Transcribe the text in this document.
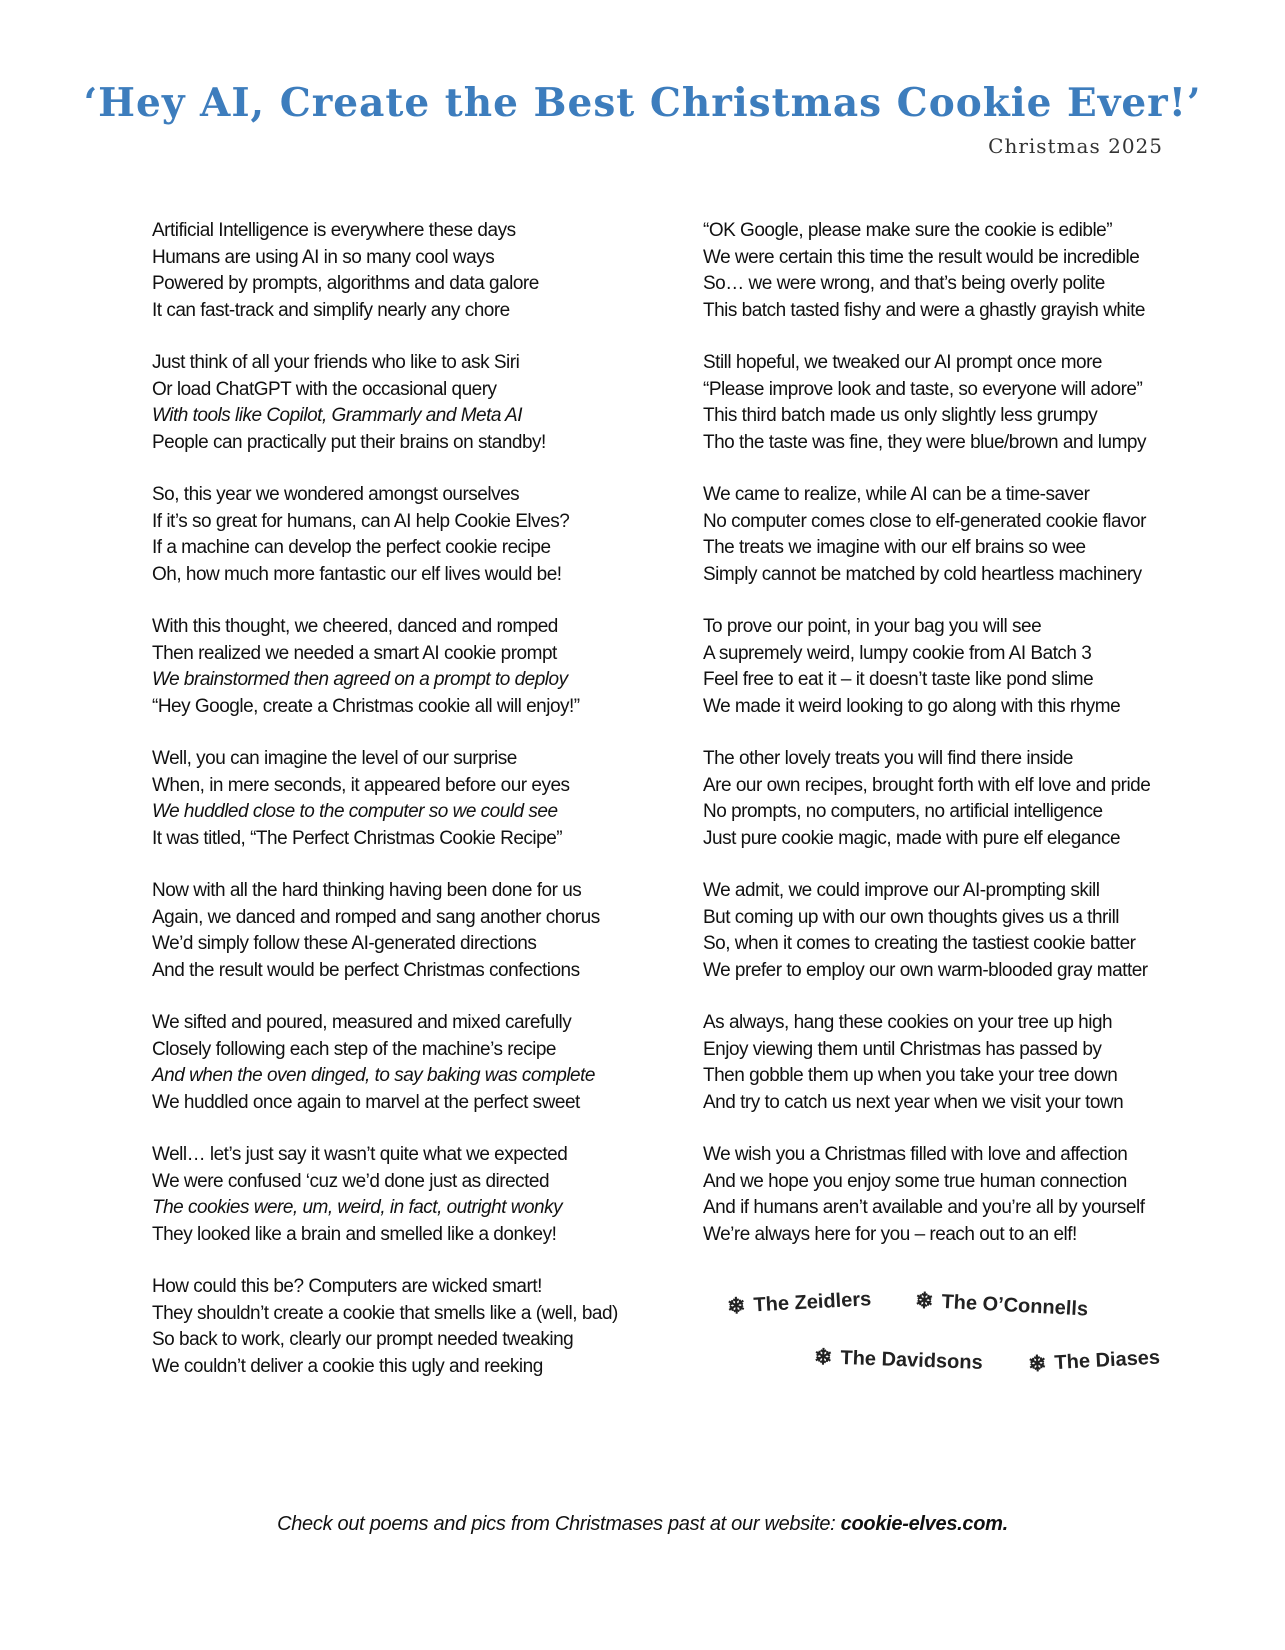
‘Hey AI, Create the Best Christmas Cookie Ever!’
Christmas 2025
Artificial Intelligence is everywhere these days
Humans are using AI in so many cool ways
Powered by prompts, algorithms and data galore
It can fast-track and simplify nearly any chore
Just think of all your friends who like to ask Siri
Or load ChatGPT with the occasional query
With tools like Copilot, Grammarly and Meta AI
People can practically put their brains on standby!
So, this year we wondered amongst ourselves
If it’s so great for humans, can AI help Cookie Elves?
If a machine can develop the perfect cookie recipe
Oh, how much more fantastic our elf lives would be!
With this thought, we cheered, danced and romped
Then realized we needed a smart AI cookie prompt
We brainstormed then agreed on a prompt to deploy
“Hey Google, create a Christmas cookie all will enjoy!”
Well, you can imagine the level of our surprise
When, in mere seconds, it appeared before our eyes
We huddled close to the computer so we could see
It was titled, “The Perfect Christmas Cookie Recipe”
Now with all the hard thinking having been done for us
Again, we danced and romped and sang another chorus
We’d simply follow these AI-generated directions
And the result would be perfect Christmas confections
We sifted and poured, measured and mixed carefully
Closely following each step of the machine’s recipe
And when the oven dinged, to say baking was complete
We huddled once again to marvel at the perfect sweet
Well… let’s just say it wasn’t quite what we expected
We were confused ‘cuz we’d done just as directed
The cookies were, um, weird, in fact, outright wonky
They looked like a brain and smelled like a donkey!
How could this be? Computers are wicked smart!
They shouldn’t create a cookie that smells like a (well, bad)
So back to work, clearly our prompt needed tweaking
We couldn’t deliver a cookie this ugly and reeking
“OK Google, please make sure the cookie is edible”
We were certain this time the result would be incredible
So… we were wrong, and that’s being overly polite
This batch tasted fishy and were a ghastly grayish white
Still hopeful, we tweaked our AI prompt once more
“Please improve look and taste, so everyone will adore”
This third batch made us only slightly less grumpy
Tho the taste was fine, they were blue/brown and lumpy
We came to realize, while AI can be a time-saver
No computer comes close to elf-generated cookie flavor
The treats we imagine with our elf brains so wee
Simply cannot be matched by cold heartless machinery
To prove our point, in your bag you will see
A supremely weird, lumpy cookie from AI Batch 3
Feel free to eat it – it doesn’t taste like pond slime
We made it weird looking to go along with this rhyme
The other lovely treats you will find there inside
Are our own recipes, brought forth with elf love and pride
No prompts, no computers, no artificial intelligence
Just pure cookie magic, made with pure elf elegance
We admit, we could improve our AI-prompting skill
But coming up with our own thoughts gives us a thrill
So, when it comes to creating the tastiest cookie batter
We prefer to employ our own warm-blooded gray matter
As always, hang these cookies on your tree up high
Enjoy viewing them until Christmas has passed by
Then gobble them up when you take your tree down
And try to catch us next year when we visit your town
We wish you a Christmas filled with love and affection
And we hope you enjoy some true human connection
And if humans aren’t available and you’re all by yourself
We’re always here for you – reach out to an elf!
❄ The Zeidlers ❄ The O’Connells
❄ The Davidsons ❄ The Diases
Check out poems and pics from Christmases past at our website: cookie-elves.com.
